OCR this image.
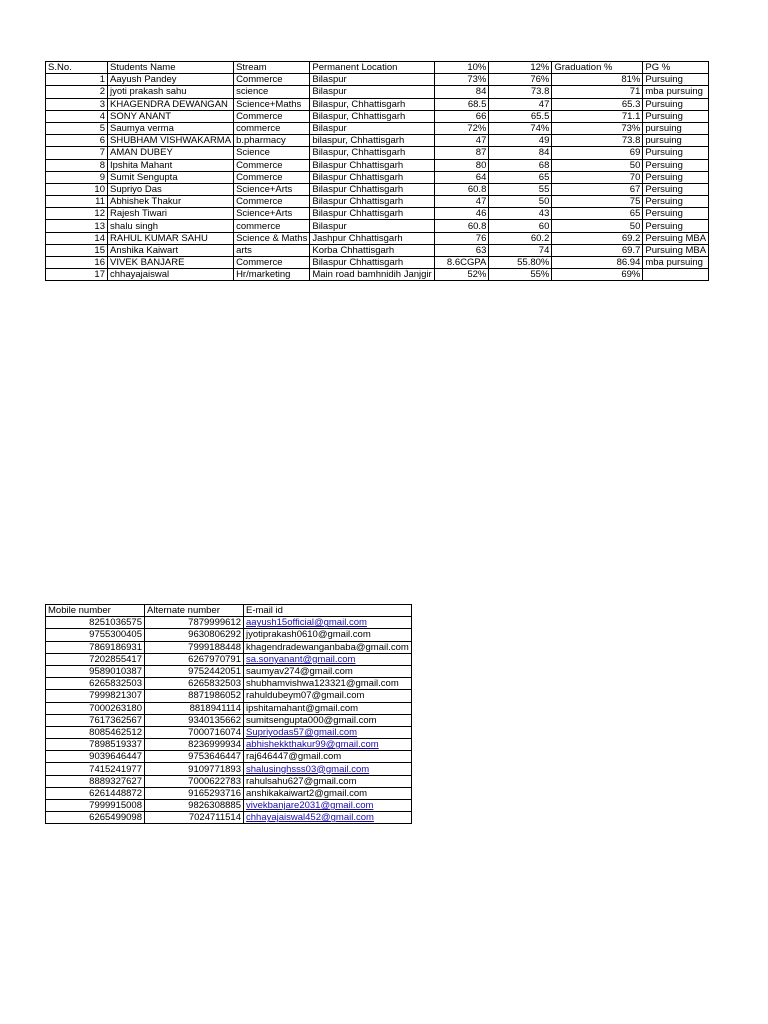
S.No.	Students Name	Stream	Permanent Location	10%	12%	Graduation %	PG %
1	Aayush Pandey	Commerce	Bilaspur	73%	76%	81%	Pursuing
2	jyoti prakash sahu	science	Bilaspur	84	73.8	71	mba pursuing
3	KHAGENDRA DEWANGAN	Science+Maths	Bilaspur, Chhattisgarh	68.5	47	65.3	Pursuing
4	SONY ANANT	Commerce	Bilaspur, Chhattisgarh	66	65.5	71.1	Pursuing
5	Saumya verma	commerce	Bilaspur	72%	74%	73%	pursuing
6	SHUBHAM VISHWAKARMA	b.pharmacy	bilaspur, Chhattisgarh	47	49	73.8	pursuing
7	AMAN DUBEY	Science	Bilaspur, Chhattisgarh	87	84	69	Pursuing
8	Ipshita Mahant	Commerce	Bilaspur Chhattisgarh	80	68	50	Persuing
9	Sumit Sengupta	Commerce	Bilaspur Chhattisgarh	64	65	70	Persuing
10	Supriyo Das	Science+Arts	Bilaspur Chhattisgarh	60.8	55	67	Persuing
11	Abhishek Thakur	Commerce	Bilaspur Chhattisgarh	47	50	75	Persuing
12	Rajesh Tiwari	Science+Arts	Bilaspur Chhattisgarh	46	43	65	Persuing
13	shalu singh	commerce	Bilaspur	60.8	60	50	Persuing
14	RAHUL KUMAR SAHU	Science & Maths	Jashpur Chhattisgarh	76	60.2	69.2	Persuing MBA
15	Anshika Kaiwart	arts	Korba Chhattisgarh	63	74	69.7	Pursuing MBA
16	VIVEK BANJARE	Commerce	Bilaspur Chhattisgarh	8.6CGPA	55.80%	86.94	mba pursuing
17	chhayajaiswal	Hr/marketing	Main road bamhnidih Janjgir	52%	55%	69%	
Mobile number	Alternate number	E-mail id
8251036575	7879999612	aayush15official@gmail.com
9755300405	9630806292	jyotiprakash0610@gmail.com
7869186931	7999188448	khagendradewanganbaba@gmail.com
7202855417	6267970791	sa.sonyanant@gmail.com
9589010387	9752442051	saumyav274@gmail.com
6265832503	6265832503	shubhamvishwa123321@gmail.com
7999821307	8871986052	rahuldubeym07@gmail.com
7000263180	8818941114	ipshitamahant@gmail.com
7617362567	9340135662	sumitsengupta000@gmail.com
8085462512	7000716074	Supriyodas57@gmail.com
7898519337	8236999934	abhishekkthakur99@gmail.com
9039646447	9753646447	raj646447@gmail.com
7415241977	9109771893	shalusinghsss03@gmail.com
8889327627	7000622783	rahulsahu627@gmail.com
6261448872	9165293716	anshikakaiwart2@gmail.com
7999915008	9826308885	vivekbanjare2031@gmail.com
6265499098	7024711514	chhayajaiswal452@gmail.com
